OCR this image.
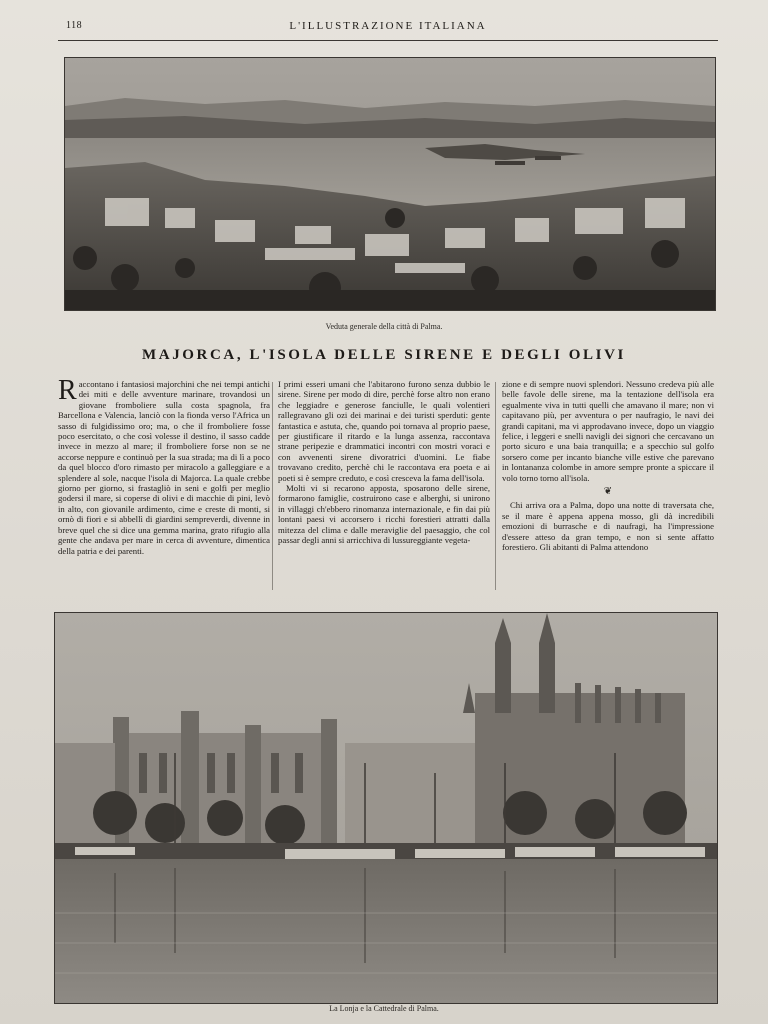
118	L'ILLUSTRAZIONE ITALIANA
Veduta generale della città di Palma.
MAJORCA, L'ISOLA DELLE SIRENE E DEGLI OLIVI

Raccontano i fantasiosi majorchini che nei tempi antichi dei miti e delle avventure marinare, trovandosi un giovane fromboliere sulla costa spagnola, fra Barcellona e Valencia, lanciò con la fionda verso l'Africa un sasso di fulgidissimo oro; ma, o che il fromboliere fosse poco esercitato, o che così volesse il destino, il sasso cadde invece in mezzo al mare; il fromboliere forse non se ne accorse neppure e continuò per la sua strada; ma di lì a poco da quel blocco d'oro rimasto per miracolo a galleggiare e a splendere al sole, nacque l'isola di Majorca. La quale crebbe giorno per giorno, si frastagliò in seni e golfi per meglio godersi il mare, si coperse di olivi e di macchie di pini, levò in alto, con giovanile ardimento, cime e creste di monti, si ornò di fiori e si abbellì di giardini sempreverdi, divenne in breve quel che si dice una gemma marina, grato rifugio alla gente che andava per mare in cerca di avventure, dimentica della patria e dei parenti.

I primi esseri umani che l'abitarono furono senza dubbio le sirene. Sirene per modo di dire, perchè forse altro non erano che leggiadre e generose fanciulle, le quali volentieri rallegravano gli ozi dei marinai e dei turisti sperduti: gente fantastica e astuta, che, quando poi tornava al proprio paese, per giustificare il ritardo e la lunga assenza, raccontava strane peripezie e drammatici incontri con mostri voraci e con avvenenti sirene divoratrici d'uomini. Le fiabe trovavano credito, perchè chi le raccontava era poeta e ai poeti si è sempre creduto, e così cresceva la fama dell'isola.

Molti vi si recarono apposta, sposarono delle sirene, formarono famiglie, costruirono case e alberghi, si unirono in villaggi ch'ebbero rinomanza internazionale, e fin dai più lontani paesi vi accorsero i ricchi forestieri attratti dalla mitezza del clima e dalle meraviglie del paesaggio, che col passar degli anni si arricchiva di lussureggiante vegeta-

zione e di sempre nuovi splendori. Nessuno credeva più alle belle favole delle sirene, ma la tentazione dell'isola era egualmente viva in tutti quelli che amavano il mare; non vi capitavano più, per avventura o per naufragio, le navi dei grandi capitani, ma vi approdavano invece, dopo un viaggio felice, i leggeri e snelli navigli dei signori che cercavano un porto sicuro e una baia tranquilla; e a specchio sul golfo sorsero come per incanto bianche ville estive che parevano in lontananza colombe in amore sempre pronte a spiccare il volo torno torno all'isola.

❦

Chi arriva ora a Palma, dopo una notte di traversata che, se il mare è appena appena mosso, gli dà incredibili emozioni di burrasche e di naufragi, ha l'impressione d'essere atteso da gran tempo, e non si sente affatto forestiero. Gli abitanti di Palma attendono

La Lonja e la Cattedrale di Palma.
